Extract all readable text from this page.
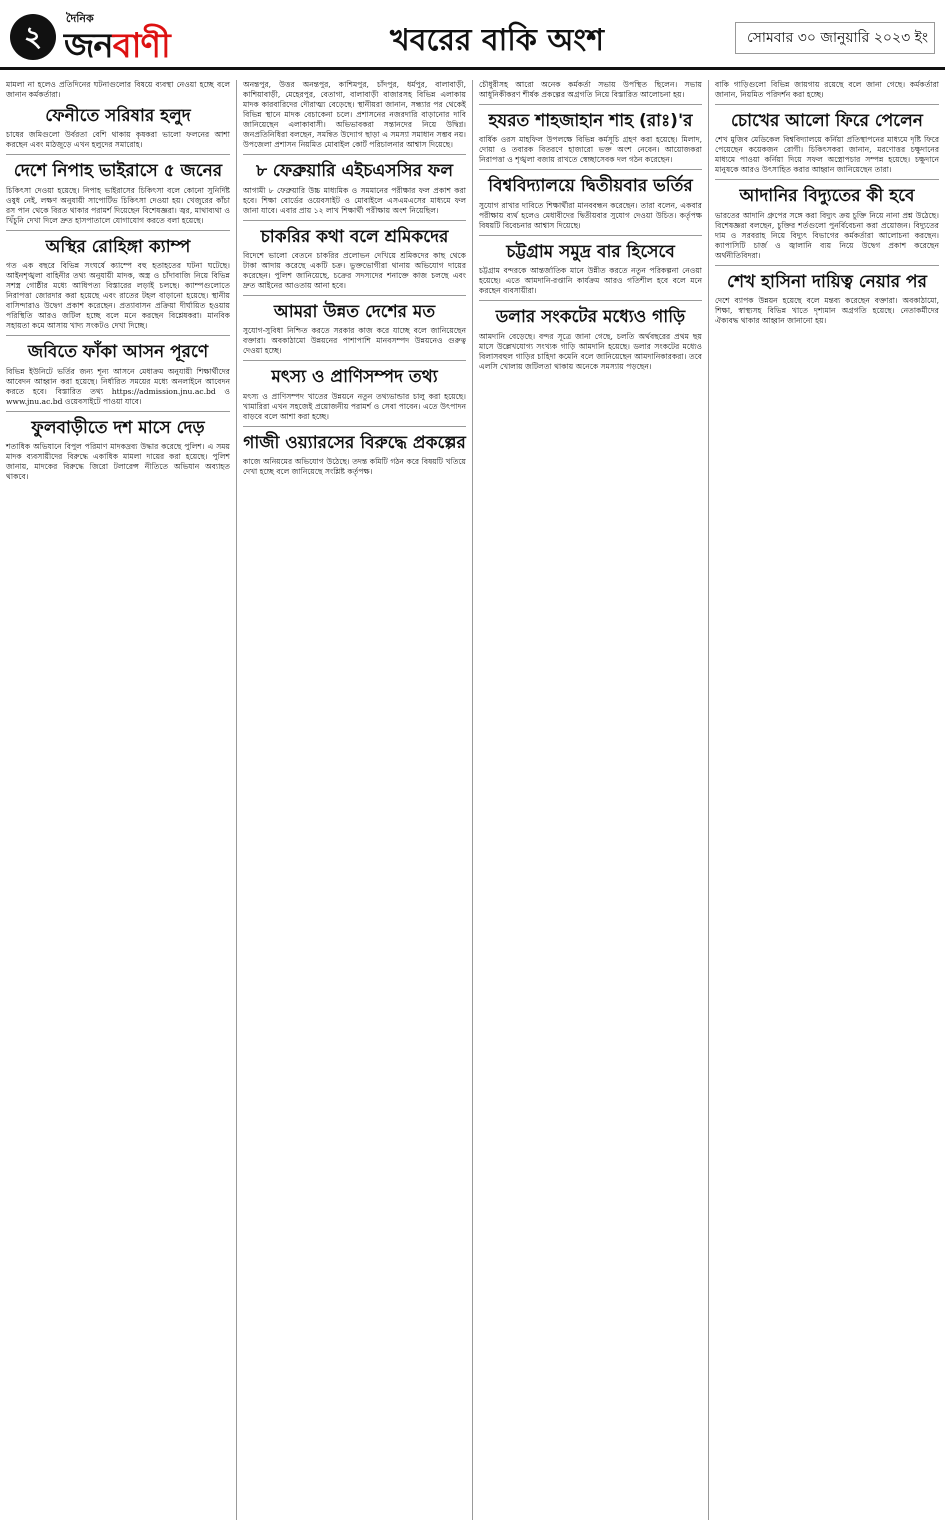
২
দৈনিক
জনবাণী	খবরের বাকি অংশ	সোমবার ৩০ জানুয়ারি ২০২৩ ইং

মামলা না হলেও প্রতিদিনের ঘটনাগুলোর বিষয়ে ব্যবস্থা নেওয়া হচ্ছে বলে জানান কর্মকর্তারা।

ফেনীতে সরিষার হলুদ

চাষের জমিগুলো উর্বরতা বেশি থাকায় কৃষকরা ভালো ফলনের আশা করছেন এবং মাঠজুড়ে এখন হলুদের সমারোহ।

দেশে নিপাহ ভাইরাসে ৫ জনের

চিকিৎসা দেওয়া হয়েছে। নিপাহ ভাইরাসের চিকিৎসা বলে কোনো সুনির্দিষ্ট ওষুধ নেই, লক্ষণ অনুযায়ী সাপোর্টিভ চিকিৎসা দেওয়া হয়। খেজুরের কাঁচা রস পান থেকে বিরত থাকার পরামর্শ দিয়েছেন বিশেষজ্ঞরা। জ্বর, মাথাব্যথা ও খিঁচুনি দেখা দিলে দ্রুত হাসপাতালে যোগাযোগ করতে বলা হয়েছে।

অস্থির রোহিঙ্গা ক্যাম্প

গত এক বছরে বিভিন্ন সংঘর্ষে ক্যাম্পে বহু হতাহতের ঘটনা ঘটেছে। আইনশৃঙ্খলা বাহিনীর তথ্য অনুযায়ী মাদক, অস্ত্র ও চাঁদাবাজি নিয়ে বিভিন্ন সশস্ত্র গোষ্ঠীর মধ্যে আধিপত্য বিস্তারের লড়াই চলছে। ক্যাম্পগুলোতে নিরাপত্তা জোরদার করা হয়েছে এবং রাতের টহল বাড়ানো হয়েছে। স্থানীয় বাসিন্দারাও উদ্বেগ প্রকাশ করেছেন। প্রত্যাবাসন প্রক্রিয়া দীর্ঘায়িত হওয়ায় পরিস্থিতি আরও জটিল হচ্ছে বলে মনে করছেন বিশ্লেষকরা। মানবিক সহায়তা কমে আসায় খাদ্য সংকটও দেখা দিচ্ছে।

জবিতে ফাঁকা আসন পূরণে

বিভিন্ন ইউনিটে ভর্তির জন্য শূন্য আসনে মেধাক্রম অনুযায়ী শিক্ষার্থীদের আবেদন আহ্বান করা হয়েছে। নির্ধারিত সময়ের মধ্যে অনলাইনে আবেদন করতে হবে। বিস্তারিত তথ্য https://admission.jnu.ac.bd ও www.jnu.ac.bd ওয়েবসাইটে পাওয়া যাবে।

ফুলবাড়ীতে দশ মাসে দেড়

শতাধিক অভিযানে বিপুল পরিমাণ মাদকদ্রব্য উদ্ধার করেছে পুলিশ। এ সময় মাদক ব্যবসায়ীদের বিরুদ্ধে একাধিক মামলা দায়ের করা হয়েছে। পুলিশ জানায়, মাদকের বিরুদ্ধে জিরো টলারেন্স নীতিতে অভিযান অব্যাহত থাকবে।

অনন্তপুর, উত্তর অনন্তপুর, কাশিমপুর, চাঁদপুর, ধর্মপুর, বালাবাড়ী, কাশিয়াবাড়ী, মেহেরপুর, বেতাগা, বালাবাড়ী বাজারসহ বিভিন্ন এলাকায় মাদক কারবারিদের দৌরাত্ম্য বেড়েছে। স্থানীয়রা জানান, সন্ধ্যার পর থেকেই বিভিন্ন স্থানে মাদক বেচাকেনা চলে। প্রশাসনের নজরদারি বাড়ানোর দাবি জানিয়েছেন এলাকাবাসী। অভিভাবকরা সন্তানদের নিয়ে উদ্বিগ্ন। জনপ্রতিনিধিরা বলছেন, সমন্বিত উদ্যোগ ছাড়া এ সমস্যা সমাধান সম্ভব নয়। উপজেলা প্রশাসন নিয়মিত মোবাইল কোর্ট পরিচালনার আশ্বাস দিয়েছে।

৮ ফেব্রুয়ারি এইচএসসির ফল

আগামী ৮ ফেব্রুয়ারি উচ্চ মাধ্যমিক ও সমমানের পরীক্ষার ফল প্রকাশ করা হবে। শিক্ষা বোর্ডের ওয়েবসাইট ও মোবাইলে এসএমএসের মাধ্যমে ফল জানা যাবে। এবার প্রায় ১২ লাখ শিক্ষার্থী পরীক্ষায় অংশ নিয়েছিল।

চাকরির কথা বলে শ্রমিকদের

বিদেশে ভালো বেতনে চাকরির প্রলোভন দেখিয়ে শ্রমিকদের কাছ থেকে টাকা আদায় করেছে একটি চক্র। ভুক্তভোগীরা থানায় অভিযোগ দায়ের করেছেন। পুলিশ জানিয়েছে, চক্রের সদস্যদের শনাক্তে কাজ চলছে এবং দ্রুত আইনের আওতায় আনা হবে।

আমরা উন্নত দেশের মত

সুযোগ-সুবিধা নিশ্চিত করতে সরকার কাজ করে যাচ্ছে বলে জানিয়েছেন বক্তারা। অবকাঠামো উন্নয়নের পাশাপাশি মানবসম্পদ উন্নয়নেও গুরুত্ব দেওয়া হচ্ছে।

মৎস্য ও প্রাণিসম্পদ তথ্য

মৎস্য ও প্রাণিসম্পদ খাতের উন্নয়নে নতুন তথ্যভান্ডার চালু করা হয়েছে। খামারিরা এখন সহজেই প্রয়োজনীয় পরামর্শ ও সেবা পাবেন। এতে উৎপাদন বাড়বে বলে আশা করা হচ্ছে।

গাজী ওয়্যারসের বিরুদ্ধে প্রকল্পের

কাজে অনিয়মের অভিযোগ উঠেছে। তদন্ত কমিটি গঠন করে বিষয়টি খতিয়ে দেখা হচ্ছে বলে জানিয়েছে সংশ্লিষ্ট কর্তৃপক্ষ।

চৌধুরীসহ আরো অনেক কর্মকর্তা সভায় উপস্থিত ছিলেন। সভায় আধুনিকীকরণ শীর্ষক প্রকল্পের অগ্রগতি নিয়ে বিস্তারিত আলোচনা হয়।

হযরত শাহজাহান শাহ (রাঃ)'র

বার্ষিক ওরস মাহফিল উপলক্ষে বিভিন্ন কর্মসূচি গ্রহণ করা হয়েছে। মিলাদ, দোয়া ও তবারক বিতরণে হাজারো ভক্ত অংশ নেবেন। আয়োজকরা নিরাপত্তা ও শৃঙ্খলা বজায় রাখতে স্বেচ্ছাসেবক দল গঠন করেছেন।

বিশ্ববিদ্যালয়ে দ্বিতীয়বার ভর্তির

সুযোগ রাখার দাবিতে শিক্ষার্থীরা মানববন্ধন করেছেন। তারা বলেন, একবার পরীক্ষায় ব্যর্থ হলেও মেধাবীদের দ্বিতীয়বার সুযোগ দেওয়া উচিত। কর্তৃপক্ষ বিষয়টি বিবেচনার আশ্বাস দিয়েছে।

চট্টগ্রাম সমুদ্র বার হিসেবে

চট্টগ্রাম বন্দরকে আন্তর্জাতিক মানে উন্নীত করতে নতুন পরিকল্পনা নেওয়া হয়েছে। এতে আমদানি-রপ্তানি কার্যক্রম আরও গতিশীল হবে বলে মনে করছেন ব্যবসায়ীরা।

ডলার সংকটের মধ্যেও গাড়ি

আমদানি বেড়েছে। বন্দর সূত্রে জানা গেছে, চলতি অর্থবছরের প্রথম ছয় মাসে উল্লেখযোগ্য সংখ্যক গাড়ি আমদানি হয়েছে। ডলার সংকটের মধ্যেও বিলাসবহুল গাড়ির চাহিদা কমেনি বলে জানিয়েছেন আমদানিকারকরা। তবে এলসি খোলায় জটিলতা থাকায় অনেকে সমস্যায় পড়ছেন।

বাকি গাড়িগুলো বিভিন্ন জায়গায় রয়েছে বলে জানা গেছে। কর্মকর্তারা জানান, নিয়মিত পরিদর্শন করা হচ্ছে।

চোখের আলো ফিরে পেলেন

শেখ মুজিব মেডিকেল বিশ্ববিদ্যালয়ে কর্নিয়া প্রতিস্থাপনের মাধ্যমে দৃষ্টি ফিরে পেয়েছেন কয়েকজন রোগী। চিকিৎসকরা জানান, মরণোত্তর চক্ষুদানের মাধ্যমে পাওয়া কর্নিয়া দিয়ে সফল অস্ত্রোপচার সম্পন্ন হয়েছে। চক্ষুদানে মানুষকে আরও উৎসাহিত করার আহ্বান জানিয়েছেন তারা।

আদানির বিদ্যুতের কী হবে

ভারতের আদানি গ্রুপের সঙ্গে করা বিদ্যুৎ ক্রয় চুক্তি নিয়ে নানা প্রশ্ন উঠেছে। বিশেষজ্ঞরা বলছেন, চুক্তির শর্তগুলো পুনর্বিবেচনা করা প্রয়োজন। বিদ্যুতের দাম ও সরবরাহ নিয়ে বিদ্যুৎ বিভাগের কর্মকর্তারা আলোচনা করছেন। ক্যাপাসিটি চার্জ ও জ্বালানি ব্যয় নিয়ে উদ্বেগ প্রকাশ করেছেন অর্থনীতিবিদরা।

শেখ হাসিনা দায়িত্ব নেয়ার পর

দেশে ব্যাপক উন্নয়ন হয়েছে বলে মন্তব্য করেছেন বক্তারা। অবকাঠামো, শিক্ষা, স্বাস্থ্যসহ বিভিন্ন খাতে দৃশ্যমান অগ্রগতি হয়েছে। নেতাকর্মীদের ঐক্যবদ্ধ থাকার আহ্বান জানানো হয়।
